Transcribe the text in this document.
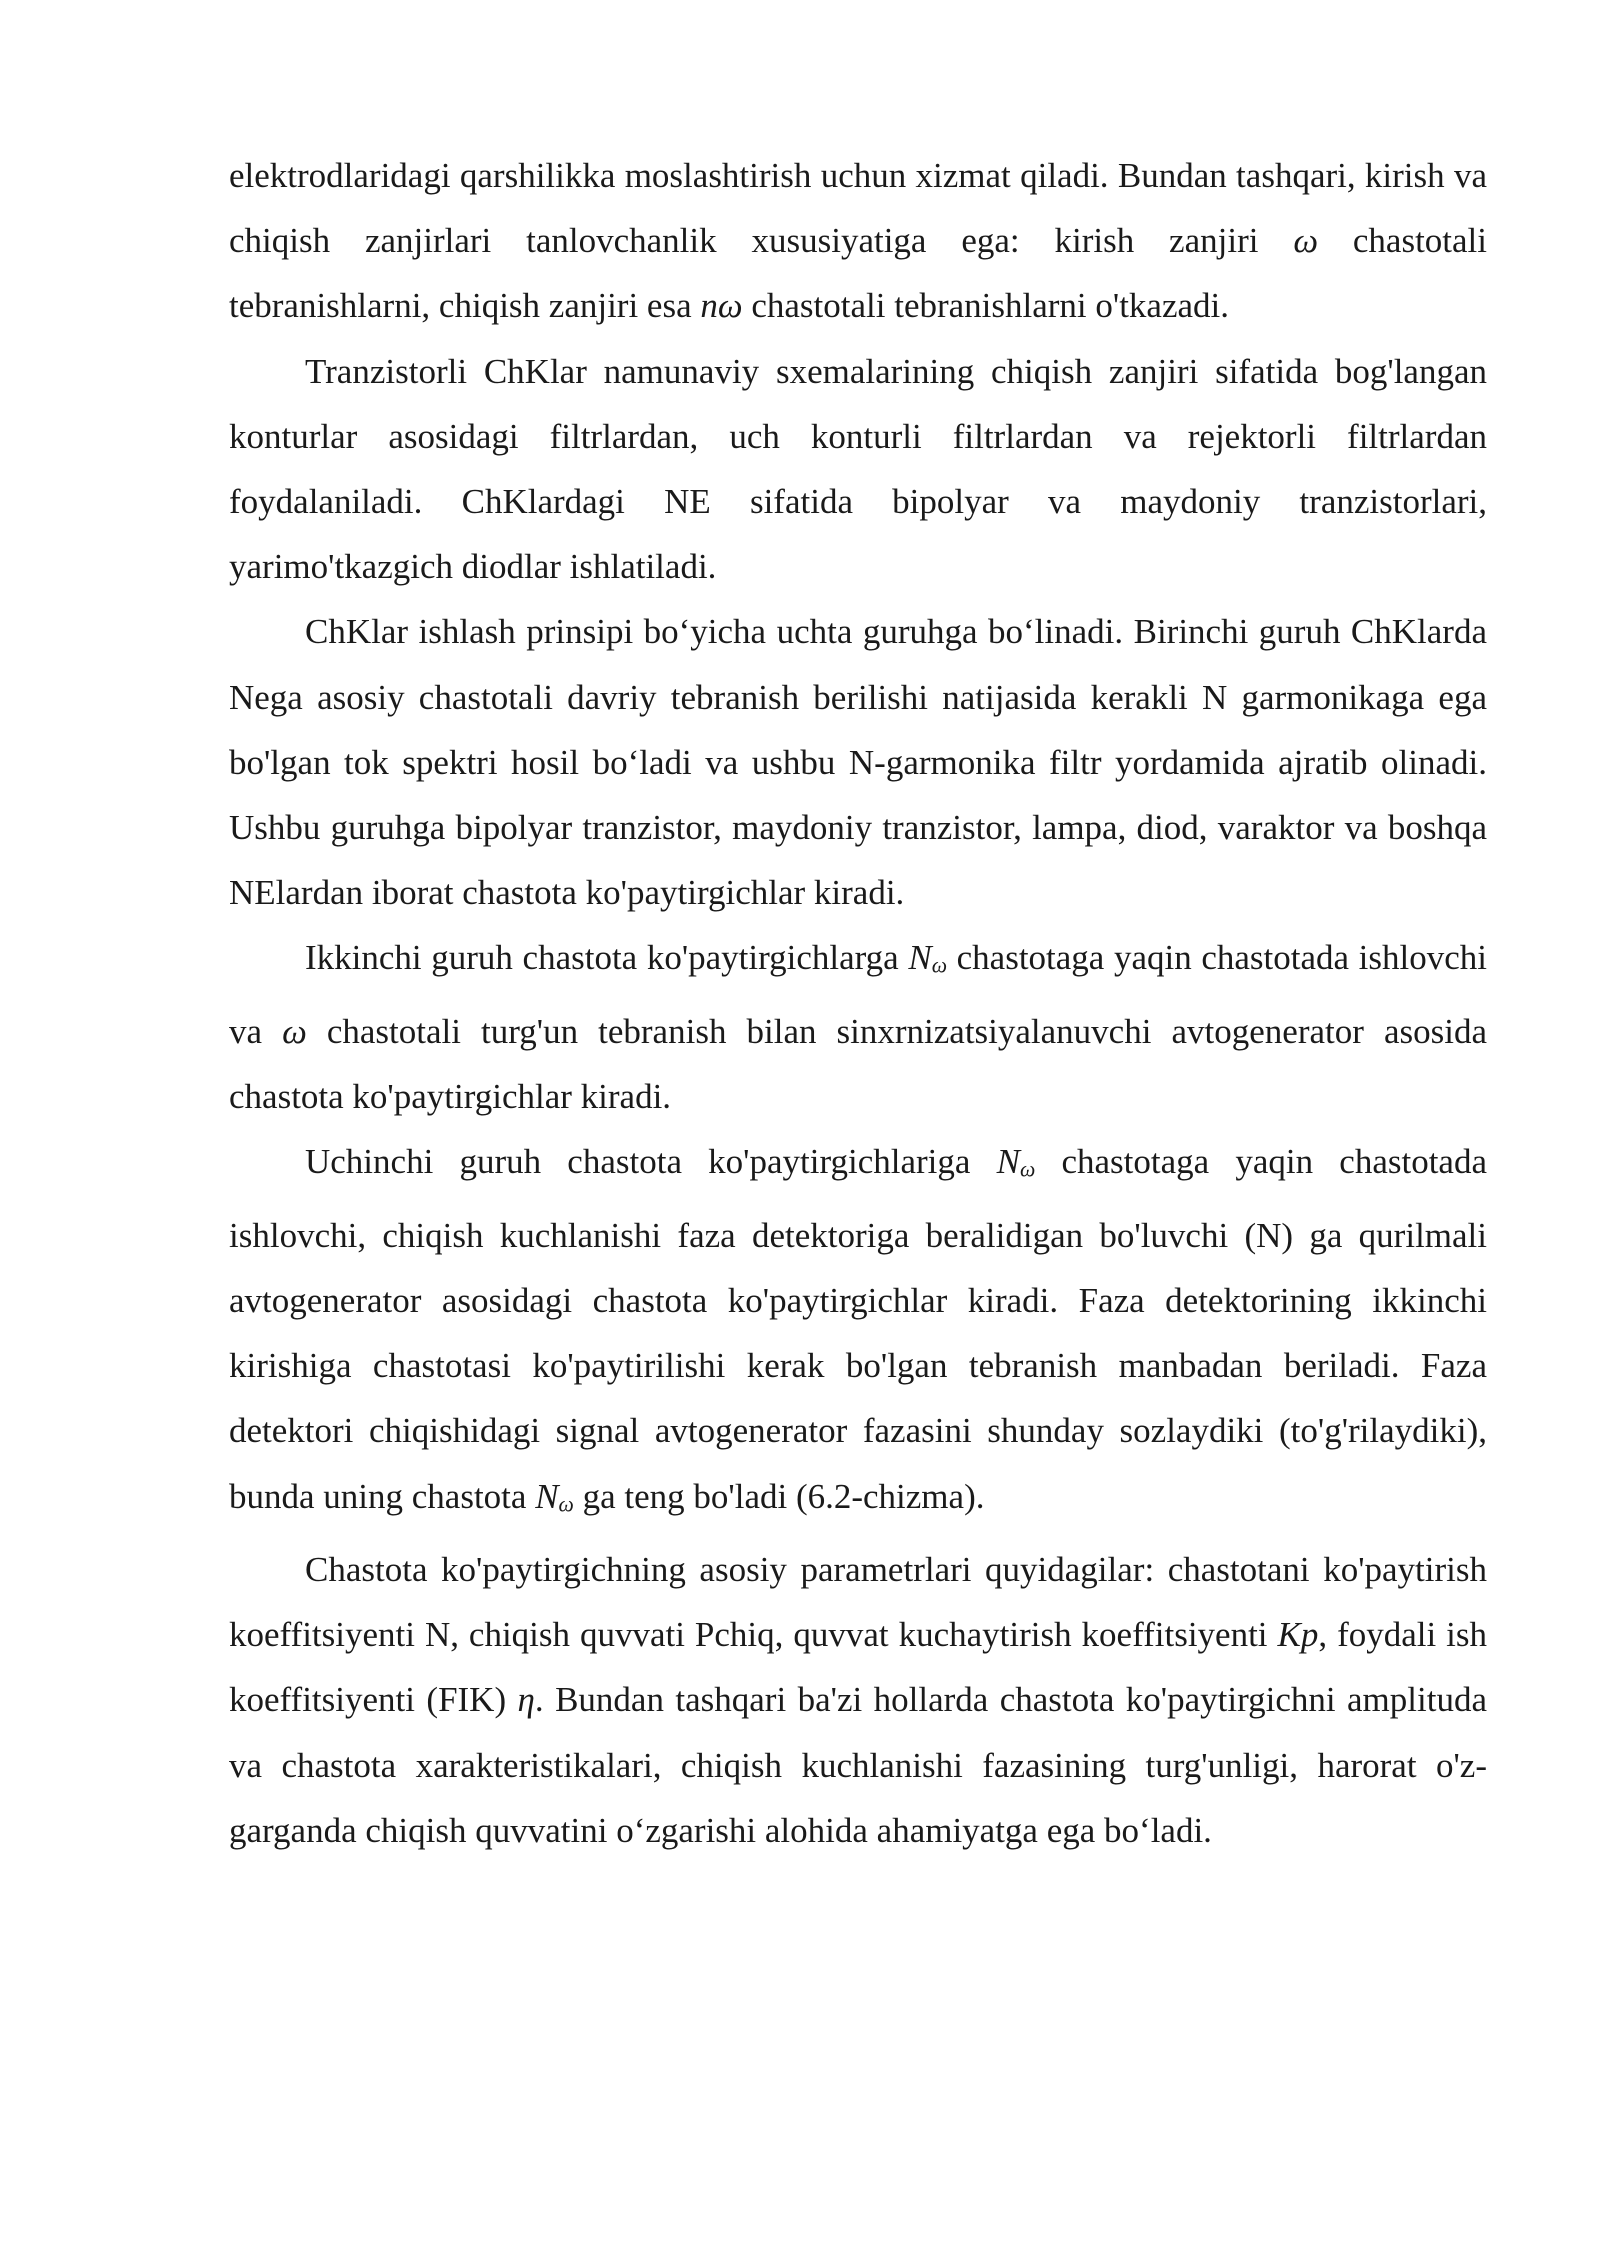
elektrodlaridagi qarshilikka moslashtirish uchun xizmat qiladi. Bundan tashqari, kirish va chiqish zanjirlari tanlovchanlik xususiyatiga ega: kirish zanjiri ω chastotali tebranishlarni, chiqish zanjiri esa nω chastotali tebranishlarni o'tkazadi.

Tranzistorli ChKlar namunaviy sxemalarining chiqish zanjiri sifatida bog'langan konturlar asosidagi filtrlardan, uch konturli filtrlardan va rejektorli filtrlardan foydalaniladi. ChKlardagi NE sifatida bipolyar va maydoniy tranzistorlari, yarimo'tkazgich diodlar ishlatiladi.

ChKlar ishlash prinsipi bo‘yicha uchta guruhga bo‘linadi. Birinchi guruh ChKlarda Nega asosiy chastotali davriy tebranish berilishi natijasida kerakli N garmonikaga ega bo'lgan tok spektri hosil bo‘ladi va ushbu N-garmonika filtr yordamida ajratib olinadi. Ushbu guruhga bipolyar tranzistor, maydoniy tranzistor, lampa, diod, varaktor va boshqa NElardan iborat chastota ko'paytirgichlar kiradi.

Ikkinchi guruh chastota ko'paytirgichlarga Nω chastotaga yaqin chastotada ishlovchi va ω chastotali turg'un tebranish bilan sinxrnizatsiyalanuvchi avtogenerator asosida chastota ko'paytirgichlar kiradi.

Uchinchi guruh chastota ko'paytirgichlariga Nω chastotaga yaqin chastotada ishlovchi, chiqish kuchlanishi faza detektoriga beralidigan bo'luvchi (N) ga qurilmali avtogenerator asosidagi chastota ko'paytirgichlar kiradi. Faza detektorining ikkinchi kirishiga chastotasi ko'paytirilishi kerak bo'lgan tebranish manbadan beriladi. Faza detektori chiqishidagi signal avtogenerator fazasini shunday sozlaydiki (to'g'rilaydiki), bunda uning chastota Nω ga teng bo'ladi (6.2-chizma).

Chastota ko'paytirgichning asosiy parametrlari quyidagilar: chastotani ko'paytirish koeffitsiyenti N, chiqish quvvati Pchiq, quvvat kuchaytirish koeffitsiyenti Kp, foydali ish koeffitsiyenti (FIK) η. Bundan tashqari ba'zi hollarda chastota ko'paytirgichni amplituda va chastota xarakteristikalari, chiqish kuchlanishi fazasining turg'unligi, harorat o'z-garganda chiqish quvvatini o‘zgarishi alohida ahamiyatga ega bo‘ladi.
